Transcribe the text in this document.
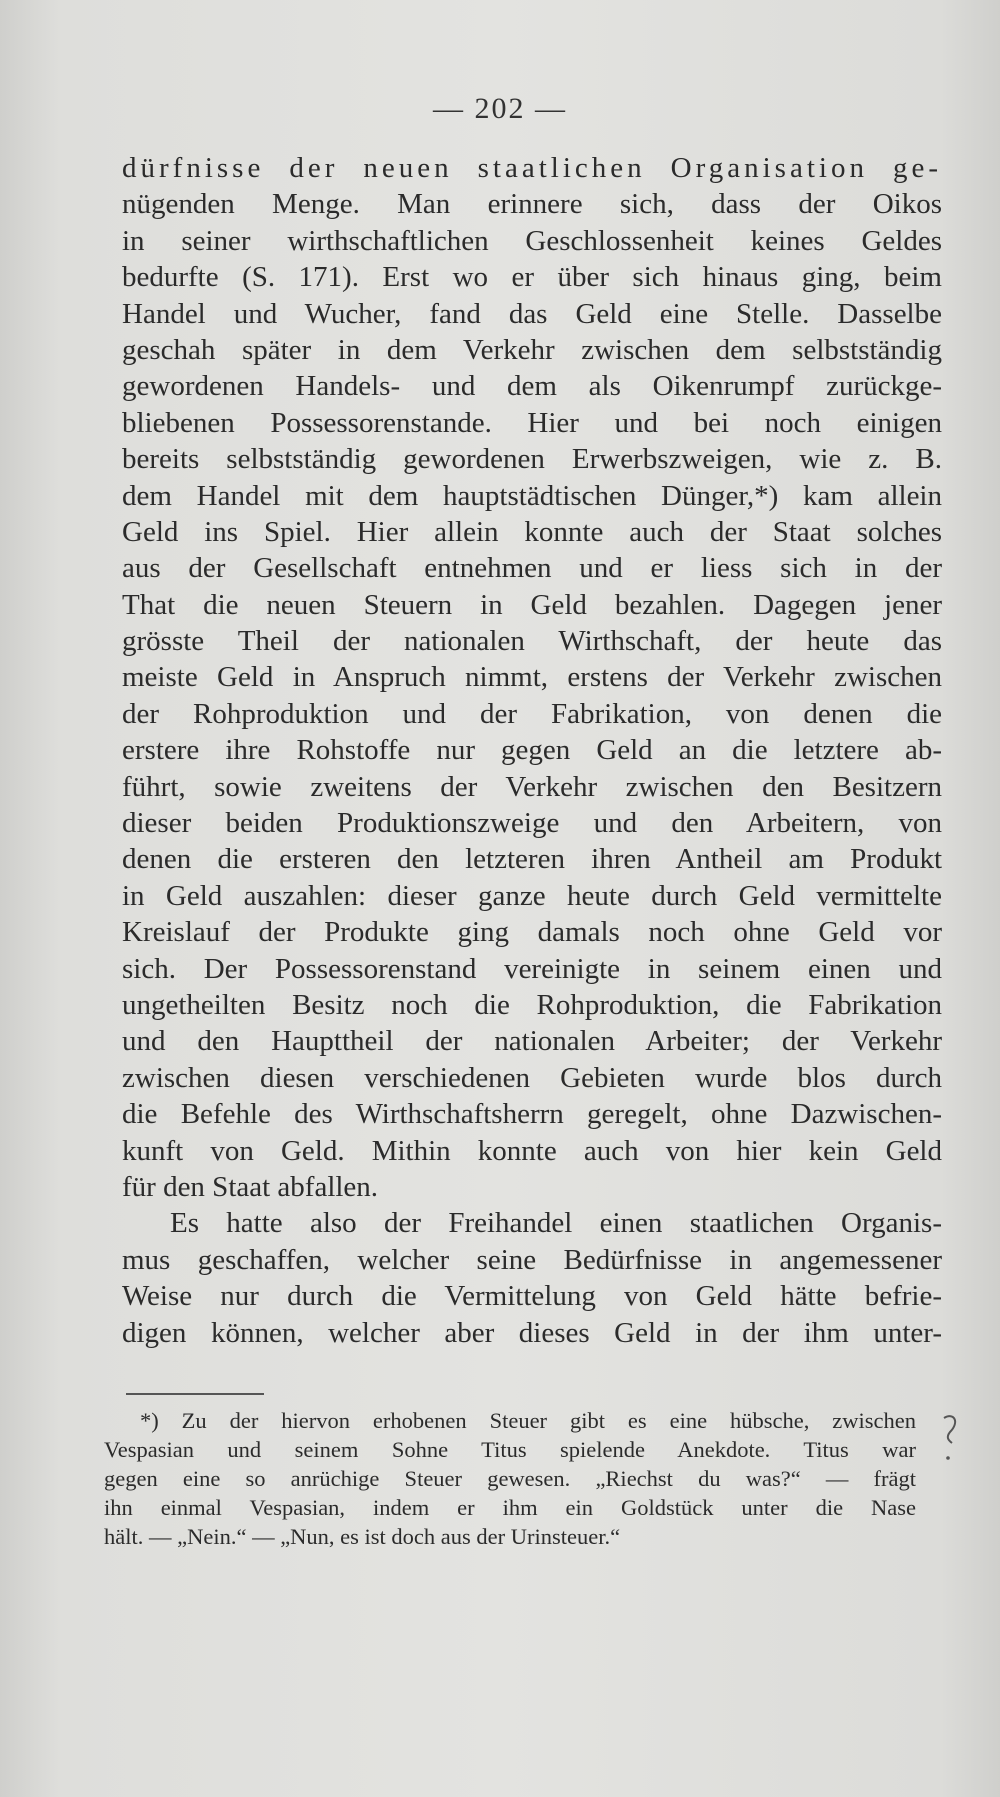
— 202 —
dürfnisse der neuen staatlichen Organisation ge-
nügenden Menge. Man erinnere sich, dass der Oikos
in seiner wirthschaftlichen Geschlossenheit keines Geldes
bedurfte (S. 171). Erst wo er über sich hinaus ging, beim
Handel und Wucher, fand das Geld eine Stelle. Dasselbe
geschah später in dem Verkehr zwischen dem selbstständig
gewordenen Handels- und dem als Oikenrumpf zurückge-
bliebenen Possessorenstande. Hier und bei noch einigen
bereits selbstständig gewordenen Erwerbszweigen, wie z. B.
dem Handel mit dem hauptstädtischen Dünger,*) kam allein
Geld ins Spiel. Hier allein konnte auch der Staat solches
aus der Gesellschaft entnehmen und er liess sich in der
That die neuen Steuern in Geld bezahlen. Dagegen jener
grösste Theil der nationalen Wirthschaft, der heute das
meiste Geld in Anspruch nimmt, erstens der Verkehr zwischen
der Rohproduktion und der Fabrikation, von denen die
erstere ihre Rohstoffe nur gegen Geld an die letztere ab-
führt, sowie zweitens der Verkehr zwischen den Besitzern
dieser beiden Produktionszweige und den Arbeitern, von
denen die ersteren den letzteren ihren Antheil am Produkt
in Geld auszahlen: dieser ganze heute durch Geld vermittelte
Kreislauf der Produkte ging damals noch ohne Geld vor
sich. Der Possessorenstand vereinigte in seinem einen und
ungetheilten Besitz noch die Rohproduktion, die Fabrikation
und den Haupttheil der nationalen Arbeiter; der Verkehr
zwischen diesen verschiedenen Gebieten wurde blos durch
die Befehle des Wirthschaftsherrn geregelt, ohne Dazwischen-
kunft von Geld. Mithin konnte auch von hier kein Geld
für den Staat abfallen.
Es hatte also der Freihandel einen staatlichen Organis-
mus geschaffen, welcher seine Bedürfnisse in angemessener
Weise nur durch die Vermittelung von Geld hätte befrie-
digen können, welcher aber dieses Geld in der ihm unter-
*) Zu der hiervon erhobenen Steuer gibt es eine hübsche, zwischen
Vespasian und seinem Sohne Titus spielende Anekdote. Titus war
gegen eine so anrüchige Steuer gewesen. „Riechst du was?“ — frägt
ihn einmal Vespasian, indem er ihm ein Goldstück unter die Nase
hält. — „Nein.“ — „Nun, es ist doch aus der Urinsteuer.“
